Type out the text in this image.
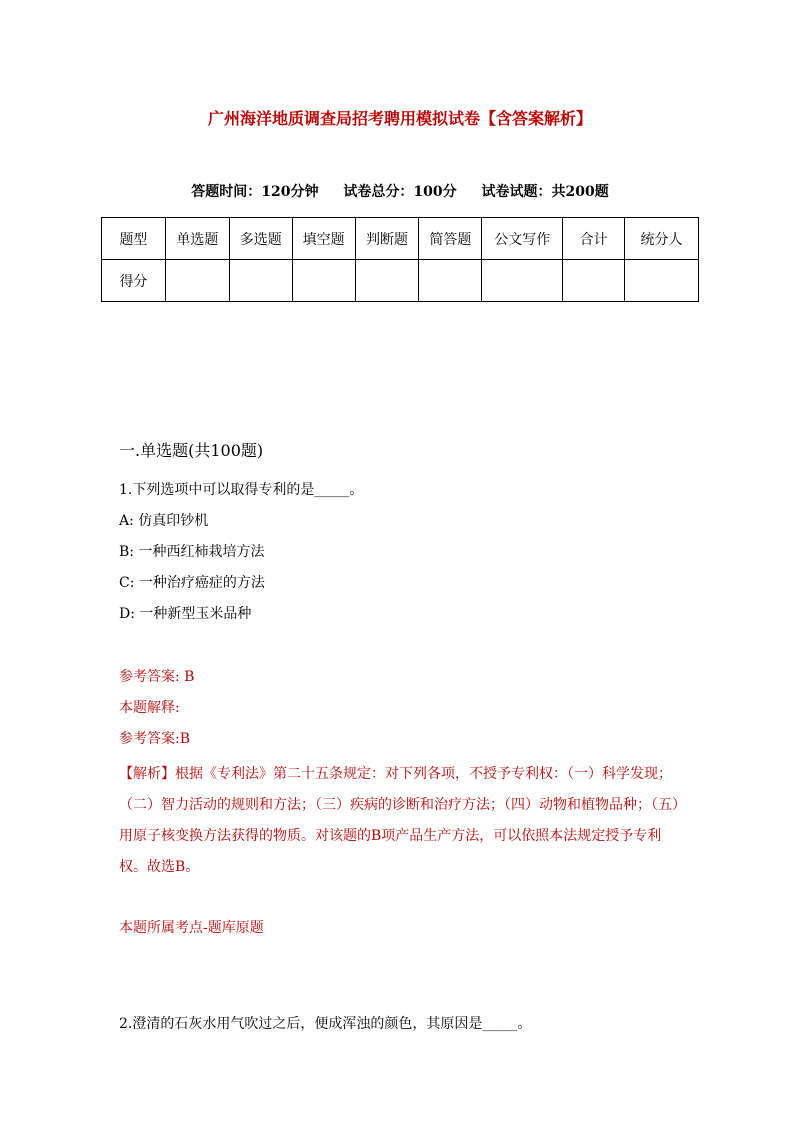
广州海洋地质调查局招考聘用模拟试卷【含答案解析】
答题时间：120分钟 试卷总分：100分 试卷试题：共200题
题型	单选题	多选题	填空题	判断题	简答题	公文写作	合计	统分人
得分								
一.单选题(共100题)
1.下列选项中可以取得专利的是_____。
A: 仿真印钞机
B: 一种西红柿栽培方法
C: 一种治疗癌症的方法
D: 一种新型玉米品种
参考答案: B
本题解释:
参考答案:B
【解析】根据《专利法》第二十五条规定：对下列各项，不授予专利权：（一）科学发现；（二）智力活动的规则和方法；（三）疾病的诊断和治疗方法；（四）动物和植物品种；（五）用原子核变换方法获得的物质。对该题的B项产品生产方法，可以依照本法规定授予专利权。故选B。
本题所属考点-题库原题
2.澄清的石灰水用气吹过之后，便成浑浊的颜色，其原因是_____。
